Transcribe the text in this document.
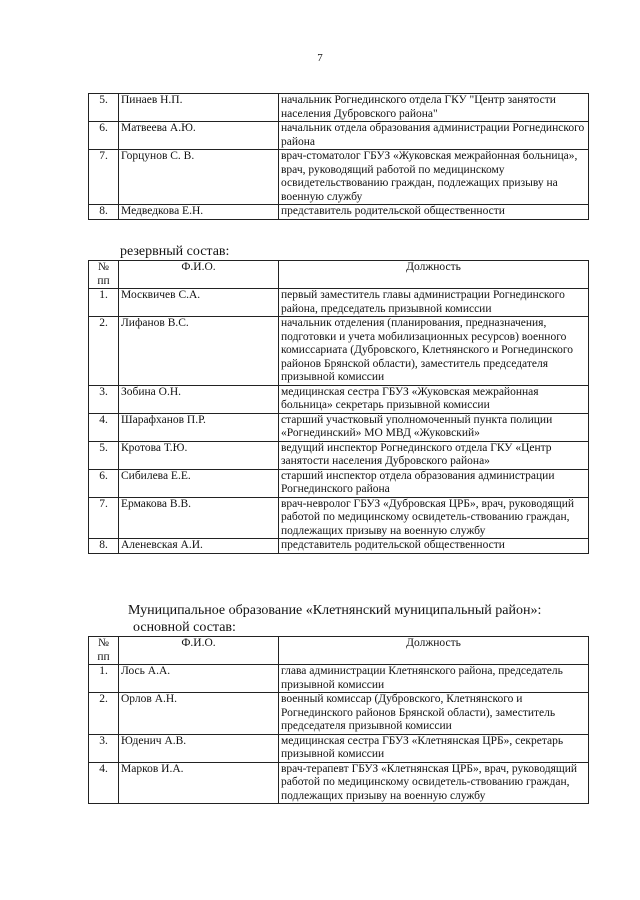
7
5.	Пинаев Н.П.	начальник Рогнединского отдела ГКУ "Центр занятости населения Дубровского района"
6.	Матвеева А.Ю.	начальник отдела образования администрации Рогнединского района
7.	Горцунов С. В.	врач-стоматолог ГБУЗ «Жуковская межрайонная больница», врач, руководящий работой по медицинскому освидетельствованию граждан, подлежащих призыву на военную службу
8.	Медведкова Е.Н.	представитель родительской общественности
резервный состав:
№ пп	Ф.И.О.	Должность
1.	Москвичев С.А.	первый заместитель главы администрации Рогнединского района, председатель призывной комиссии
2.	Лифанов В.С.	начальник отделения (планирования, предназначения, подготовки и учета мобилизационных ресурсов) военного комиссариата (Дубровского, Клетнянского и Рогнединского районов Брянской области), заместитель председателя призывной комиссии
3.	Зобина О.Н.	медицинская сестра ГБУЗ «Жуковская межрайонная больница» секретарь призывной комиссии
4.	Шарафханов П.Р.	старший участковый уполномоченный пункта полиции «Рогнединский» МО МВД «Жуковский»
5.	Кротова Т.Ю.	ведущий инспектор Рогнединского отдела ГКУ «Центр занятости населения Дубровского района»
6.	Сибилева Е.Е.	старший инспектор отдела образования администрации Рогнединского района
7.	Ермакова В.В.	врач-невролог ГБУЗ «Дубровская ЦРБ», врач, руководящий работой по медицинскому освидетель-ствованию граждан, подлежащих призыву на военную службу
8.	Аленевская А.И.	представитель родительской общественности
Муниципальное образование «Клетнянский муниципальный район»:
основной состав:
№ пп	Ф.И.О.	Должность
1.	Лось А.А.	глава администрации Клетнянского района, председатель призывной комиссии
2.	Орлов А.Н.	военный комиссар (Дубровского, Клетнянского и Рогнединского районов Брянской области), заместитель председателя призывной комиссии
3.	Юденич А.В.	медицинская сестра ГБУЗ «Клетнянская ЦРБ», секретарь призывной комиссии
4.	Марков И.А.	врач-терапевт ГБУЗ «Клетнянская ЦРБ», врач, руководящий работой по медицинскому освидетель-ствованию граждан, подлежащих призыву на военную службу
